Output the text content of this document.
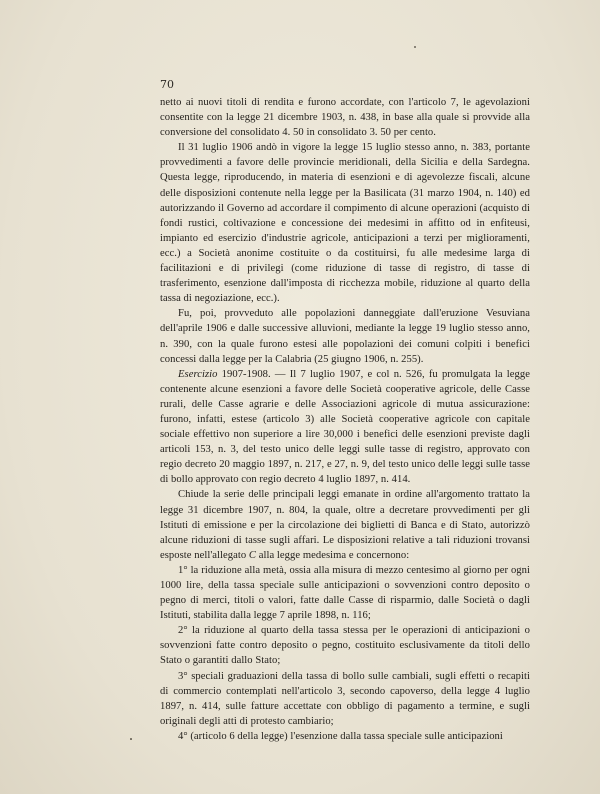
70

netto ai nuovi titoli di rendita e furono accordate, con l'articolo 7, le agevolazioni consentite con la legge 21 dicembre 1903, n. 438, in base alla quale si provvide alla conversione del consolidato 4. 50 in consolidato 3. 50 per cento.

Il 31 luglio 1906 andò in vigore la legge 15 luglio stesso anno, n. 383, portante provvedimenti a favore delle provincie meridionali, della Sicilia e della Sardegna. Questa legge, riproducendo, in materia di esenzioni e di agevolezze fiscali, alcune delle disposizioni contenute nella legge per la Basilicata (31 marzo 1904, n. 140) ed autorizzando il Governo ad accordare il compimento di alcune operazioni (acquisto di fondi rustici, coltivazione e concessione dei medesimi in affitto od in enfiteusi, impianto ed esercizio d'industrie agricole, anticipazioni a terzi per miglioramenti, ecc.) a Società anonime costituite o da costituirsi, fu alle medesime larga di facilitazioni e di privilegi (come riduzione di tasse di registro, di tasse di trasferimento, esenzione dall'imposta di ricchezza mobile, riduzione al quarto della tassa di negoziazione, ecc.).

Fu, poi, provveduto alle popolazioni danneggiate dall'eruzione Vesuviana dell'aprile 1906 e dalle successive alluvioni, mediante la legge 19 luglio stesso anno, n. 390, con la quale furono estesi alle popolazioni dei comuni colpiti i benefici concessi dalla legge per la Calabria (25 giugno 1906, n. 255).

Esercizio 1907-1908. — Il 7 luglio 1907, e col n. 526, fu promulgata la legge contenente alcune esenzioni a favore delle Società cooperative agricole, delle Casse rurali, delle Casse agrarie e delle Associazioni agricole di mutua assicurazione: furono, infatti, estese (articolo 3) alle Società cooperative agricole con capitale sociale effettivo non superiore a lire 30,000 i benefici delle esenzioni previste dagli articoli 153, n. 3, del testo unico delle leggi sulle tasse di registro, approvato con regio decreto 20 maggio 1897, n. 217, e 27, n. 9, del testo unico delle leggi sulle tasse di bollo approvato con regio decreto 4 luglio 1897, n. 414.

Chiude la serie delle principali leggi emanate in ordine all'argomento trattato la legge 31 dicembre 1907, n. 804, la quale, oltre a decretare provvedimenti per gli Istituti di emissione e per la circolazione dei biglietti di Banca e di Stato, autorizzò alcune riduzioni di tasse sugli affari. Le disposizioni relative a tali riduzioni trovansi esposte nell'allegato C alla legge medesima e concernono:

1° la riduzione alla metà, ossia alla misura di mezzo centesimo al giorno per ogni 1000 lire, della tassa speciale sulle anticipazioni o sovvenzioni contro deposito o pegno di merci, titoli o valori, fatte dalle Casse di risparmio, dalle Società o dagli Istituti, stabilita dalla legge 7 aprile 1898, n. 116;

2° la riduzione al quarto della tassa stessa per le operazioni di anticipazioni o sovvenzioni fatte contro deposito o pegno, costituito esclusivamente da titoli dello Stato o garantiti dallo Stato;

3° speciali graduazioni della tassa di bollo sulle cambiali, sugli effetti o recapiti di commercio contemplati nell'articolo 3, secondo capoverso, della legge 4 luglio 1897, n. 414, sulle fatture accettate con obbligo di pagamento a termine, e sugli originali degli atti di protesto cambiario;

4° (articolo 6 della legge) l'esenzione dalla tassa speciale sulle anticipazioni
